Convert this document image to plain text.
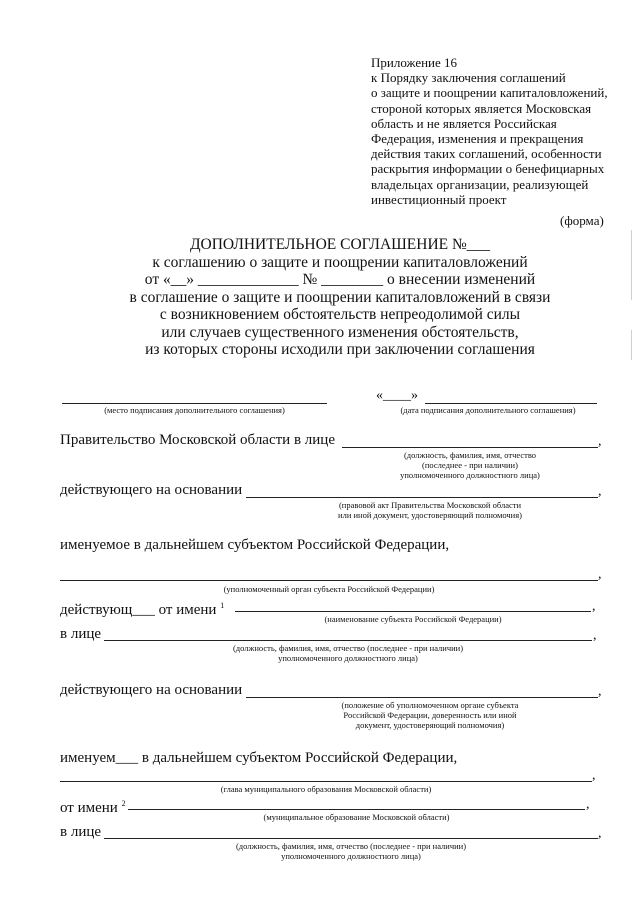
Приложение 16
к Порядку заключения соглашений
о защите и поощрении капиталовложений,
стороной которых является Московская
область и не является Российская
Федерация, изменения и прекращения
действия таких соглашений, особенности
раскрытия информации о бенефициарных
владельцах организации, реализующей
инвестиционный проект
(форма)
ДОПОЛНИТЕЛЬНОЕ СОГЛАШЕНИЕ №___
к соглашению о защите и поощрении капиталовложений
от «__» _____________ № ________ о внесении изменений
в соглашение о защите и поощрении капиталовложений в связи
с возникновением обстоятельств непреодолимой силы
или случаев существенного изменения обстоятельств,
из которых стороны исходили при заключении соглашения
(место подписания дополнительного соглашения)
«____»
(дата подписания дополнительного соглашения)
Правительство Московской области в лице	,
(должность, фамилия, имя, отчество
(последнее - при наличии)
уполномоченного должностного лица)
действующего на основании	,
(правовой акт Правительства Московской области
или иной документ, удостоверяющий полномочия)
именуемое в дальнейшем субъектом Российской Федерации,
,
(уполномоченный орган субъекта Российской Федерации)
действующ___ от имени $^1$	,
(наименование субъекта Российской Федерации)
в лице	,
(должность, фамилия, имя, отчество (последнее - при наличии)
уполномоченного должностного лица)
действующего на основании	,
(положение об уполномоченном органе субъекта
Российской Федерации, доверенность или иной
документ, удостоверяющий полномочия)
именуем___ в дальнейшем субъектом Российской Федерации,
,
(глава муниципального образования Московской области)
от имени $^2$	,
(муниципальное образование Московской области)
в лице	,
(должность, фамилия, имя, отчество (последнее - при наличии)
уполномоченного должностного лица)
